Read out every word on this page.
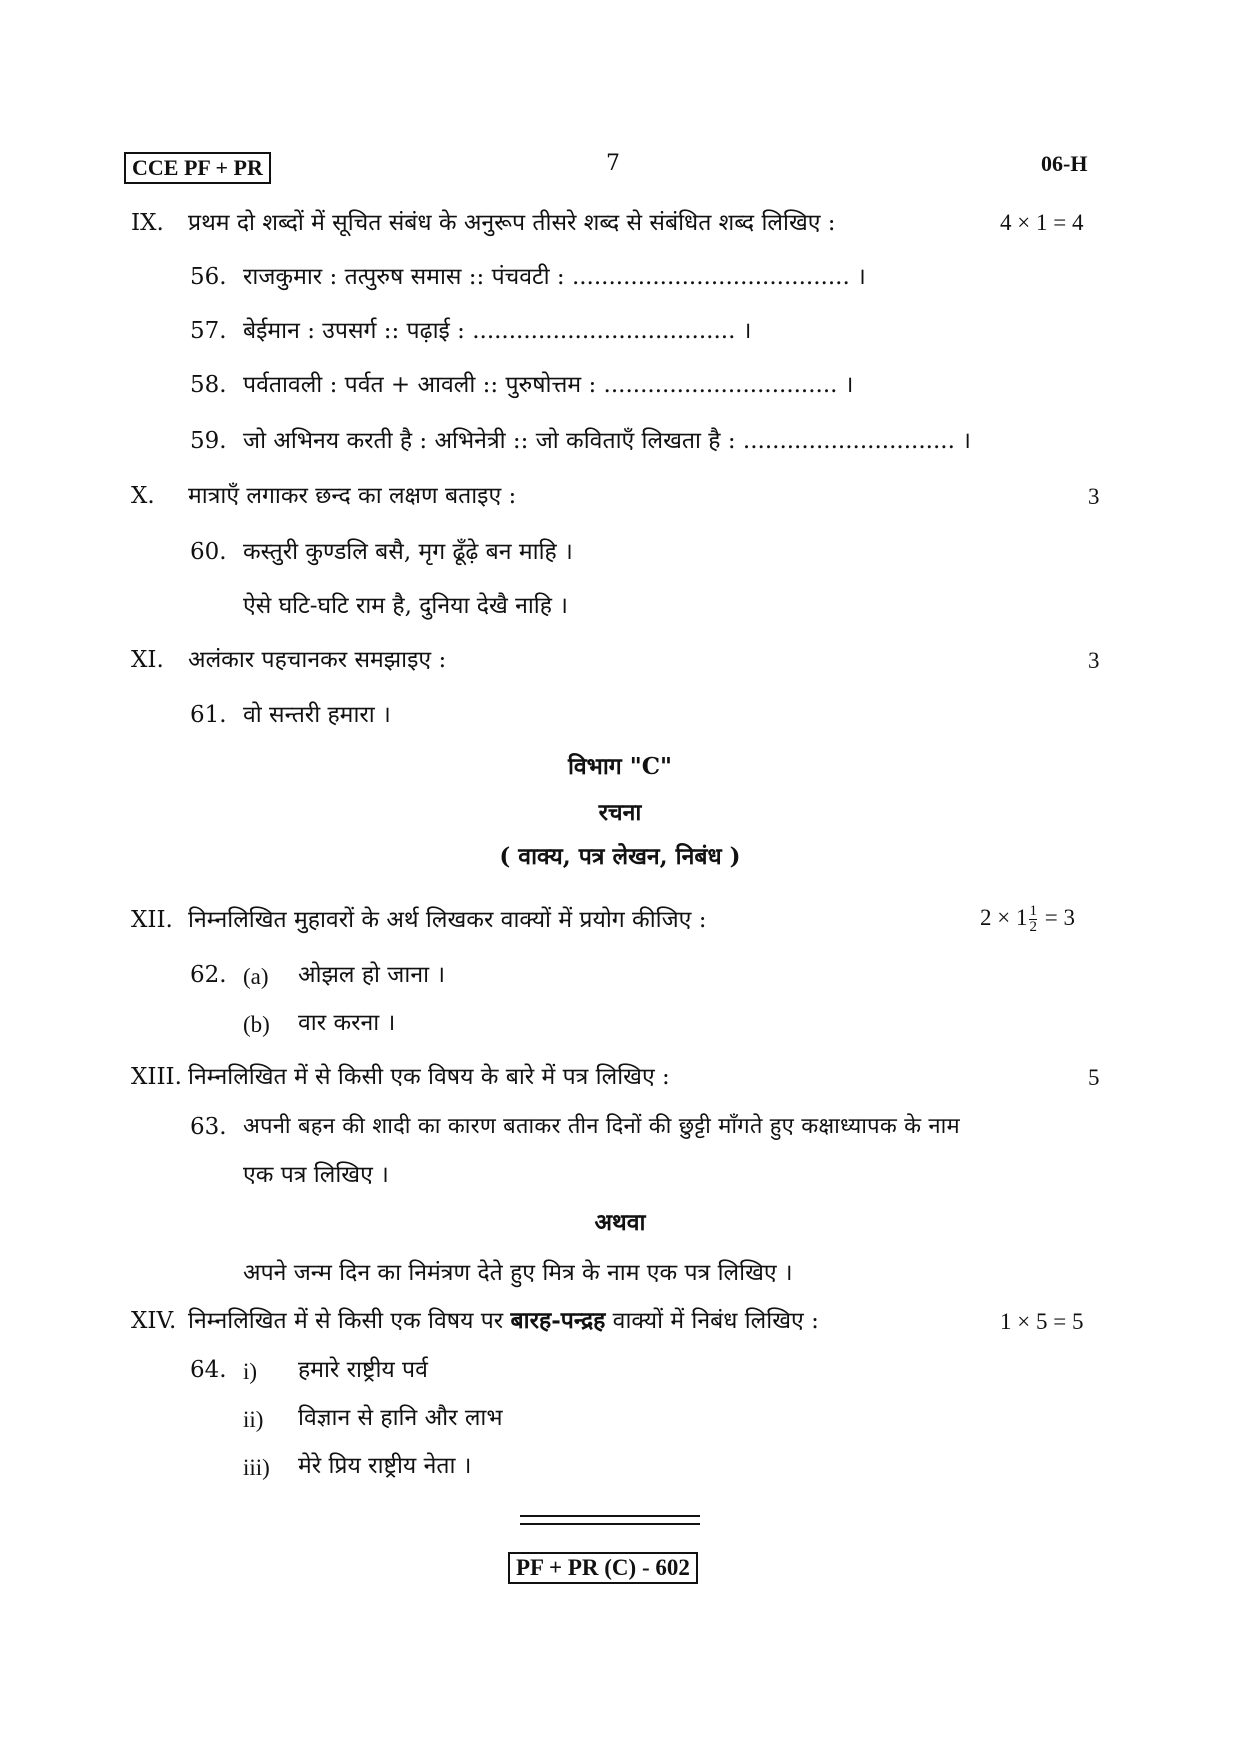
CCE PF + PR	7	06-H
IX. प्रथम दो शब्दों में सूचित संबंध के अनुरूप तीसरे शब्द से संबंधित शब्द लिखिए :	4 × 1 = 4
56. राजकुमार : तत्पुरुष समास :: पंचवटी : ...................................... ।
57. बेईमान : उपसर्ग :: पढ़ाई : .................................... ।
58. पर्वतावली : पर्वत + आवली :: पुरुषोत्तम : ................................ ।
59. जो अभिनय करती है : अभिनेत्री :: जो कविताएँ लिखता है : ............................. ।
X. मात्राएँ लगाकर छन्द का लक्षण बताइए :	3
60. कस्तुरी कुण्डलि बसै, मृग ढूँढ़े बन माहि ।
ऐसे घटि-घटि राम है, दुनिया देखै नाहि ।
XI. अलंकार पहचानकर समझाइए :	3
61. वो सन्तरी हमारा ।
विभाग "C"
रचना
( वाक्य, पत्र लेखन, निबंध )
XII. निम्नलिखित मुहावरों के अर्थ लिखकर वाक्यों में प्रयोग कीजिए :	$2 \times 1 \frac{1}{2} = 3$
62. (a) ओझल हो जाना ।
(b) वार करना ।
XIII. निम्नलिखित में से किसी एक विषय के बारे में पत्र लिखिए :	5
63. अपनी बहन की शादी का कारण बताकर तीन दिनों की छुट्टी माँगते हुए कक्षाध्यापक के नाम
एक पत्र लिखिए ।
अथवा
अपने जन्म दिन का निमंत्रण देते हुए मित्र के नाम एक पत्र लिखिए ।
XIV. निम्नलिखित में से किसी एक विषय पर बारह-पन्द्रह वाक्यों में निबंध लिखिए :	1 × 5 = 5
64. i) हमारे राष्ट्रीय पर्व
ii) विज्ञान से हानि और लाभ
iii) मेरे प्रिय राष्ट्रीय नेता ।
PF + PR (C) - 602
